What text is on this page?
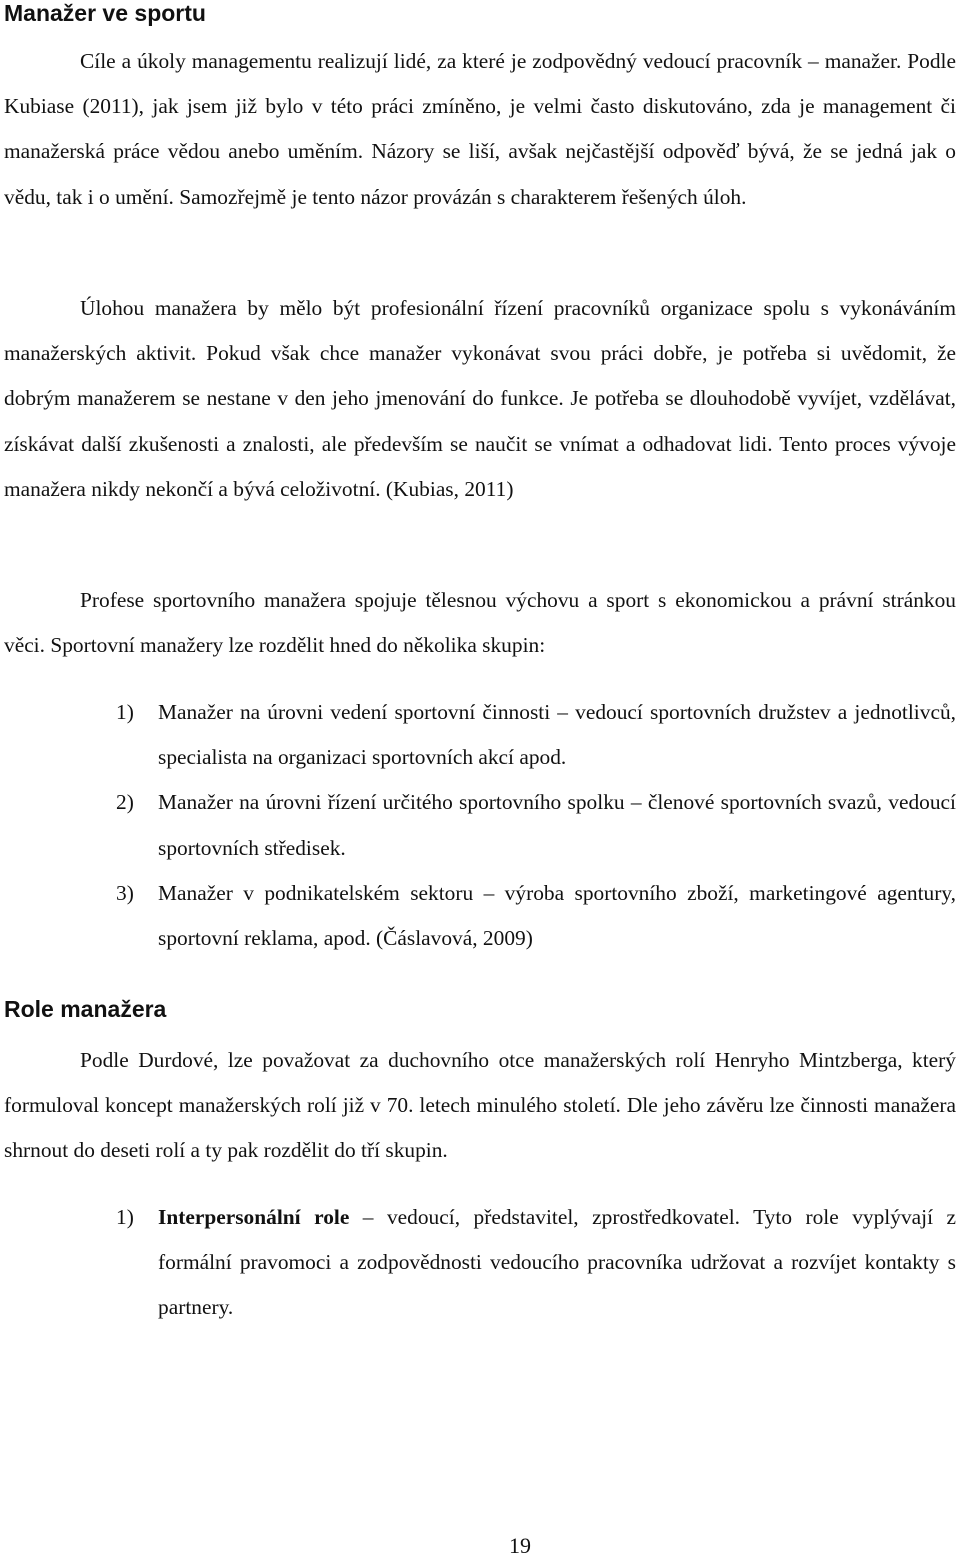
Manažer ve sportu

Cíle a úkoly managementu realizují lidé, za které je zodpovědný vedoucí pracovník – manažer. Podle Kubiase (2011), jak jsem již bylo v této práci zmíněno, je velmi často diskutováno, zda je management či manažerská práce vědou anebo uměním. Názory se liší, avšak nejčastější odpověď bývá, že se jedná jak o vědu, tak i o umění. Samozřejmě je tento názor provázán s charakterem řešených úloh.

Úlohou manažera by mělo být profesionální řízení pracovníků organizace spolu s vykonáváním manažerských aktivit. Pokud však chce manažer vykonávat svou práci dobře, je potřeba si uvědomit, že dobrým manažerem se nestane v den jeho jmenování do funkce. Je potřeba se dlouhodobě vyvíjet, vzdělávat, získávat další zkušenosti a znalosti, ale především se naučit se vnímat a odhadovat lidi. Tento proces vývoje manažera nikdy nekončí a bývá celoživotní. (Kubias, 2011)

Profese sportovního manažera spojuje tělesnou výchovu a sport s ekonomickou a právní stránkou věci. Sportovní manažery lze rozdělit hned do několika skupin:

1) Manažer na úrovni vedení sportovní činnosti – vedoucí sportovních družstev a jednotlivců, specialista na organizaci sportovních akcí apod.
2) Manažer na úrovni řízení určitého sportovního spolku – členové sportovních svazů, vedoucí sportovních středisek.
3) Manažer v podnikatelském sektoru – výroba sportovního zboží, marketingové agentury, sportovní reklama, apod. (Čáslavová, 2009)
Role manažera

Podle Durdové, lze považovat za duchovního otce manažerských rolí Henryho Mintzberga, který formuloval koncept manažerských rolí již v 70. letech minulého století. Dle jeho závěru lze činnosti manažera shrnout do deseti rolí a ty pak rozdělit do tří skupin.

1) Interpersonální role – vedoucí, představitel, zprostředkovatel. Tyto role vyplývají z formální pravomoci a zodpovědnosti vedoucího pracovníka udržovat a rozvíjet kontakty s partnery.
19
